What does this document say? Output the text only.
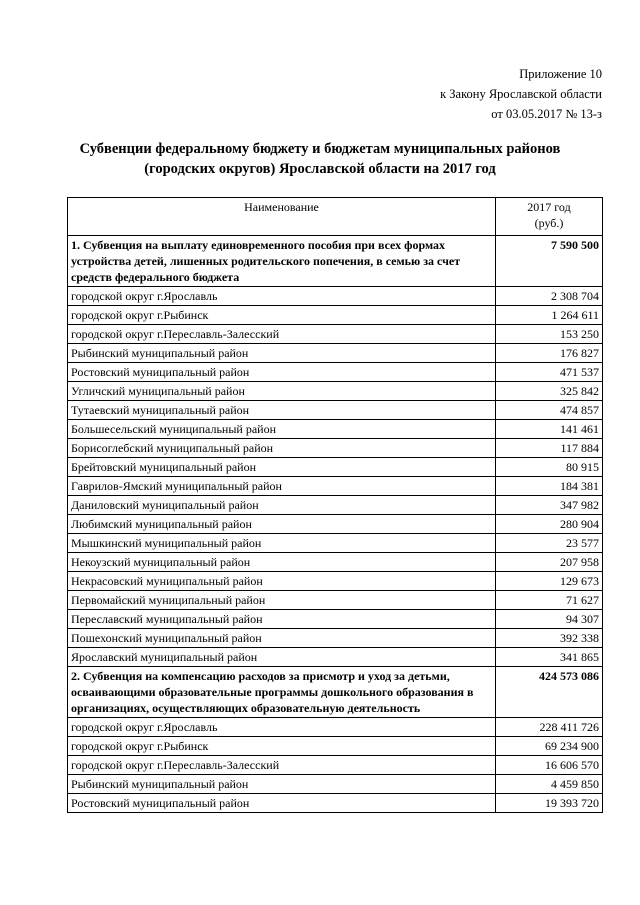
Приложение 10
к Закону Ярославской области
от 03.05.2017 № 13-з
Субвенции федеральному бюджету и бюджетам муниципальных районов
(городских округов) Ярославской области на 2017 год
Наименование	2017 год
(руб.)

1. Субвенция на выплату единовременного пособия при всех формах устройства детей, лишенных родительского попечения, в семью за счет средств федерального бюджета	7 590 500
городской округ г.Ярославль	2 308 704
городской округ г.Рыбинск	1 264 611
городской округ г.Переславль-Залесский	153 250
Рыбинский муниципальный район	176 827
Ростовский муниципальный район	471 537
Угличский муниципальный район	325 842
Тутаевский муниципальный район	474 857
Большесельский муниципальный район	141 461
Борисоглебский муниципальный район	117 884
Брейтовский муниципальный район	80 915
Гаврилов-Ямский муниципальный район	184 381
Даниловский муниципальный район	347 982
Любимский муниципальный район	280 904
Мышкинский муниципальный район	23 577
Некоузский муниципальный район	207 958
Некрасовский муниципальный район	129 673
Первомайский муниципальный район	71 627
Переславский муниципальный район	94 307
Пошехонский муниципальный район	392 338
Ярославский муниципальный район	341 865
2. Субвенция на компенсацию расходов за присмотр и уход за детьми, осваивающими образовательные программы дошкольного образования в организациях, осуществляющих образовательную деятельность	424 573 086
городской округ г.Ярославль	228 411 726
городской округ г.Рыбинск	69 234 900
городской округ г.Переславль-Залесский	16 606 570
Рыбинский муниципальный район	4 459 850
Ростовский муниципальный район	19 393 720
